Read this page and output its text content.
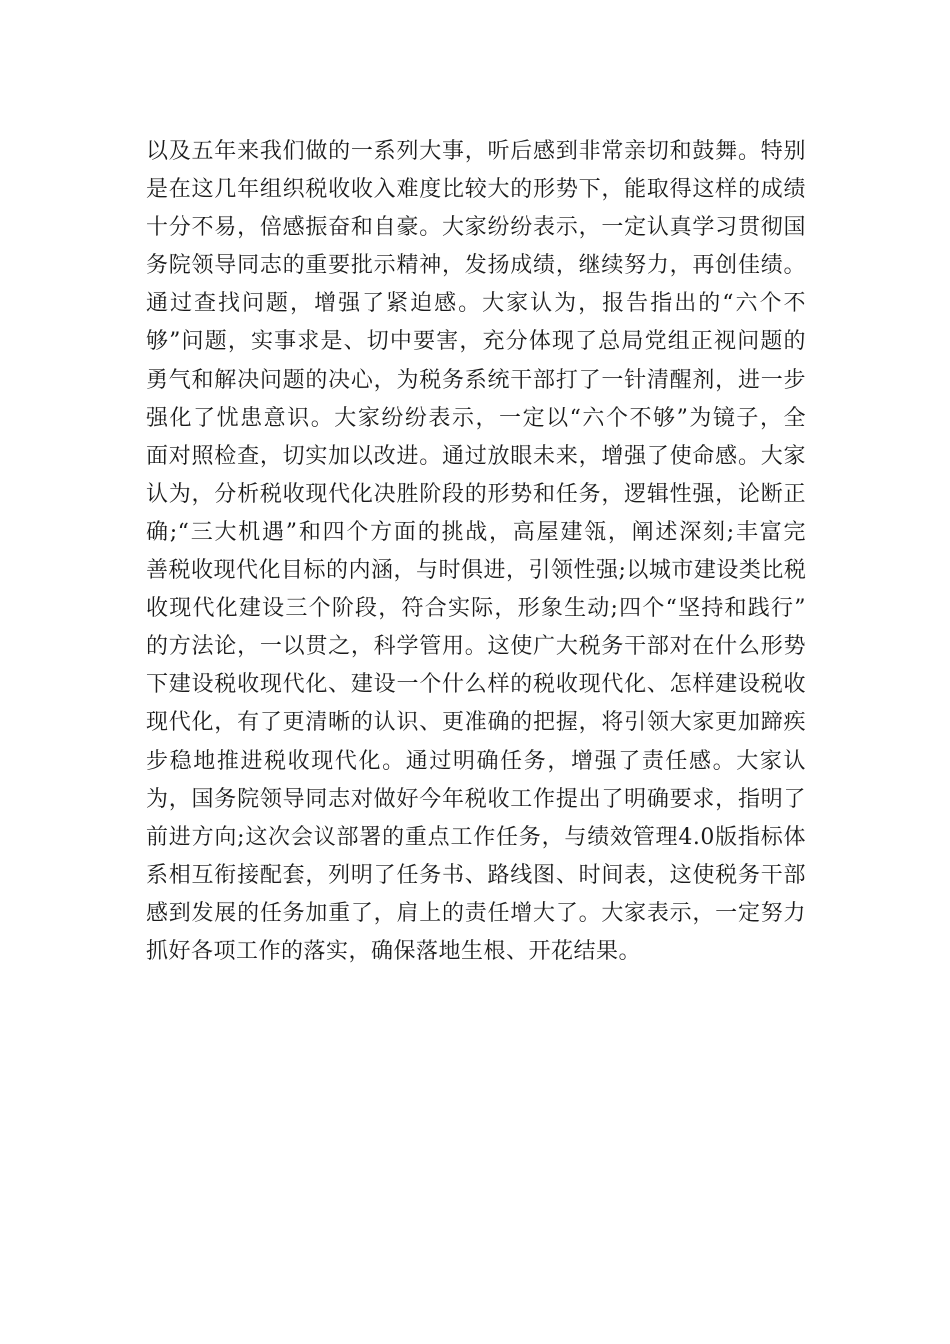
以及五年来我们做的一系列大事，听后感到非常亲切和鼓舞。特别
是在这几年组织税收收入难度比较大的形势下，能取得这样的成绩
十分不易，倍感振奋和自豪。大家纷纷表示，一定认真学习贯彻国
务院领导同志的重要批示精神，发扬成绩，继续努力，再创佳绩。
通过查找问题，增强了紧迫感。大家认为，报告指出的“六个不
够”问题，实事求是、切中要害，充分体现了总局党组正视问题的
勇气和解决问题的决心，为税务系统干部打了一针清醒剂，进一步
强化了忧患意识。大家纷纷表示，一定以“六个不够”为镜子，全
面对照检查，切实加以改进。通过放眼未来，增强了使命感。大家
认为，分析税收现代化决胜阶段的形势和任务，逻辑性强，论断正
确;“三大机遇”和四个方面的挑战，高屋建瓴，阐述深刻;丰富完
善税收现代化目标的内涵，与时俱进，引领性强;以城市建设类比税
收现代化建设三个阶段，符合实际，形象生动;四个“坚持和践行”
的方法论，一以贯之，科学管用。这使广大税务干部对在什么形势
下建设税收现代化、建设一个什么样的税收现代化、怎样建设税收
现代化，有了更清晰的认识、更准确的把握，将引领大家更加蹄疾
步稳地推进税收现代化。通过明确任务，增强了责任感。大家认
为，国务院领导同志对做好今年税收工作提出了明确要求，指明了
前进方向;这次会议部署的重点工作任务，与绩效管理4.0版指标体
系相互衔接配套，列明了任务书、路线图、时间表，这使税务干部
感到发展的任务加重了，肩上的责任增大了。大家表示，一定努力
抓好各项工作的落实，确保落地生根、开花结果。
